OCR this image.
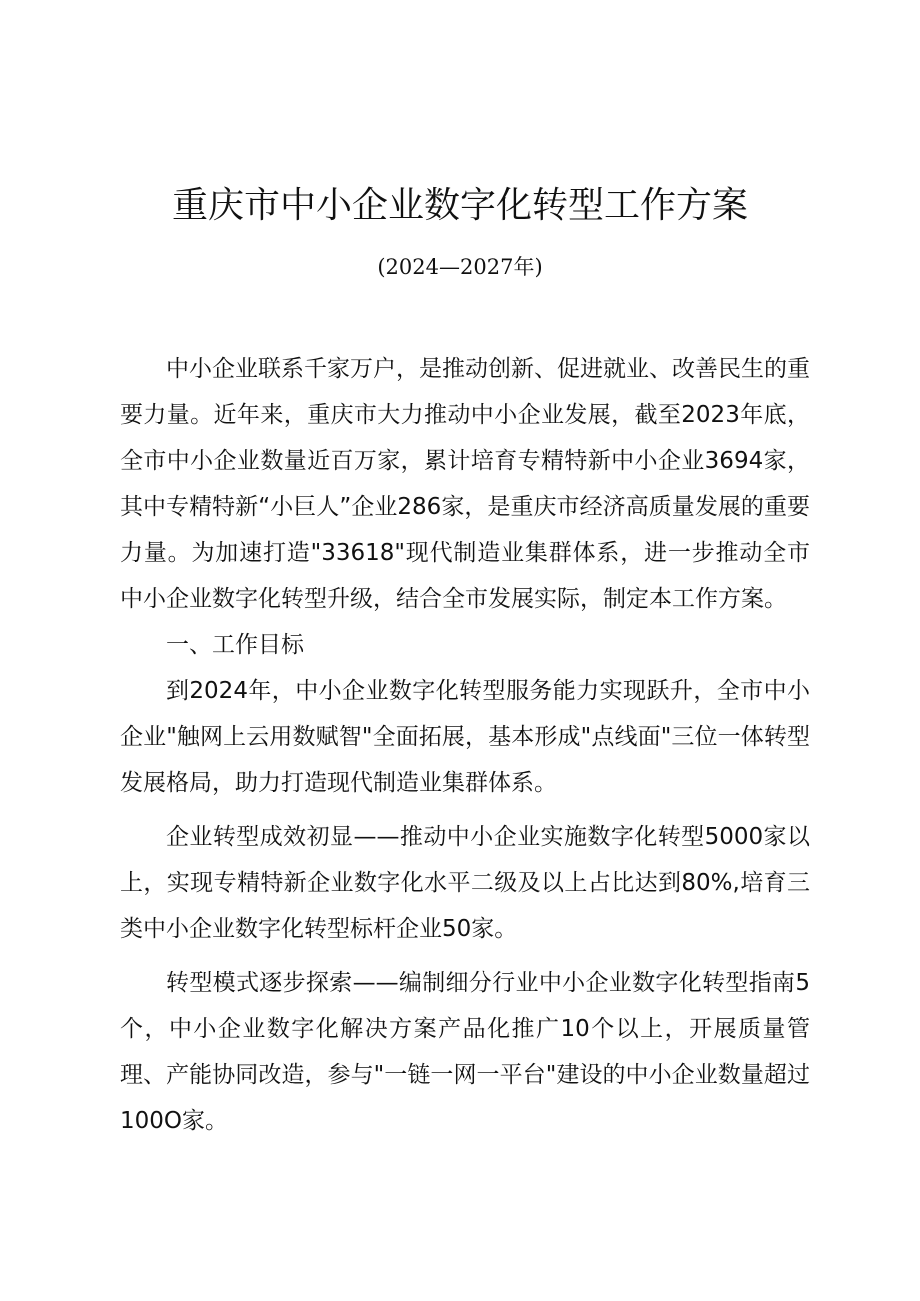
重庆市中小企业数字化转型工作方案
(2024—2027年)

中小企业联系千家万户，是推动创新、促进就业、改善民生的重要力量。近年来，重庆市大力推动中小企业发展，截至2023年底，全市中小企业数量近百万家，累计培育专精特新中小企业3694家，其中专精特新“小巨人”企业286家，是重庆市经济高质量发展的重要力量。为加速打造"33618"现代制造业集群体系，进一步推动全市中小企业数字化转型升级，结合全市发展实际，制定本工作方案。

一、工作目标

到2024年，中小企业数字化转型服务能力实现跃升，全市中小企业"触网上云用数赋智"全面拓展，基本形成"点线面"三位一体转型发展格局，助力打造现代制造业集群体系。

企业转型成效初显——推动中小企业实施数字化转型5000家以上，实现专精特新企业数字化水平二级及以上占比达到80%,培育三类中小企业数字化转型标杆企业50家。

转型模式逐步探索——编制细分行业中小企业数字化转型指南5个，中小企业数字化解决方案产品化推广10个以上，开展质量管理、产能协同改造，参与"一链一网一平台"建设的中小企业数量超过100O家。
